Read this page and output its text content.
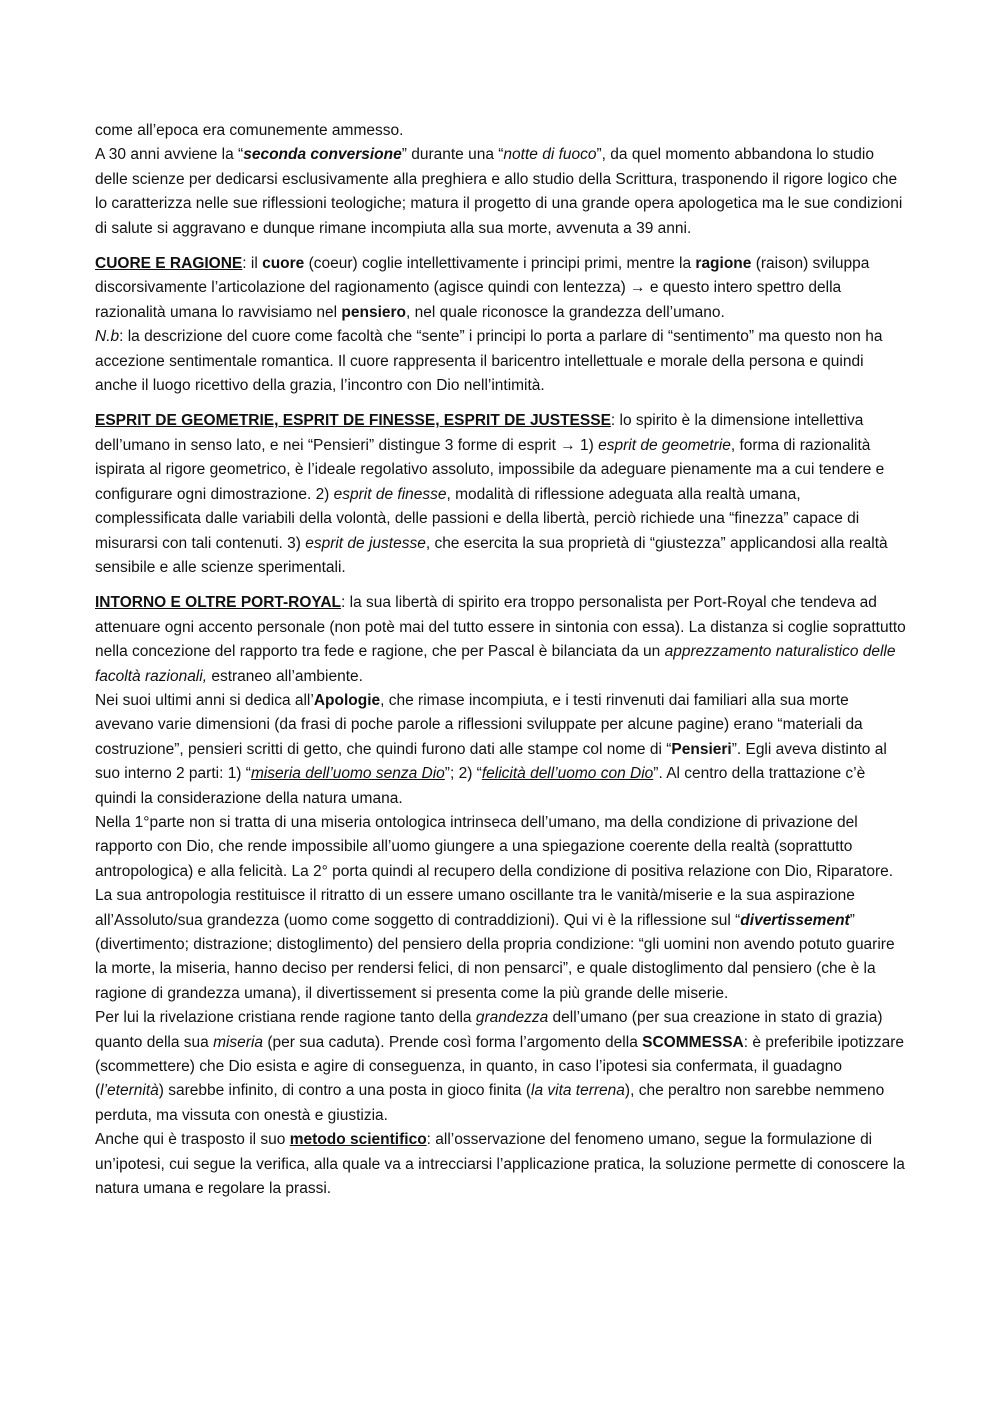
come all’epoca era comunemente ammesso.

A 30 anni avviene la “seconda conversione” durante una “notte di fuoco”, da quel momento abbandona lo studio delle scienze per dedicarsi esclusivamente alla preghiera e allo studio della Scrittura, trasponendo il rigore logico che lo caratterizza nelle sue riflessioni teologiche; matura il progetto di una grande opera apologetica ma le sue condizioni di salute si aggravano e dunque rimane incompiuta alla sua morte, avvenuta a 39 anni.

CUORE E RAGIONE: il cuore (coeur) coglie intellettivamente i principi primi, mentre la ragione (raison) sviluppa discorsivamente l’articolazione del ragionamento (agisce quindi con lentezza) → e questo intero spettro della razionalità umana lo ravvisiamo nel pensiero, nel quale riconosce la grandezza dell’umano.
N.b: la descrizione del cuore come facoltà che “sente” i principi lo porta a parlare di “sentimento” ma questo non ha accezione sentimentale romantica. Il cuore rappresenta il baricentro intellettuale e morale della persona e quindi anche il luogo ricettivo della grazia, l’incontro con Dio nell’intimità.

ESPRIT DE GEOMETRIE, ESPRIT DE FINESSE, ESPRIT DE JUSTESSE: lo spirito è la dimensione intellettiva dell’umano in senso lato, e nei “Pensieri” distingue 3 forme di esprit → 1) esprit de geometrie, forma di razionalità ispirata al rigore geometrico, è l’ideale regolativo assoluto, impossibile da adeguare pienamente ma a cui tendere e configurare ogni dimostrazione. 2) esprit de finesse, modalità di riflessione adeguata alla realtà umana, complessificata dalle variabili della volontà, delle passioni e della libertà, perciò richiede una “finezza” capace di misurarsi con tali contenuti. 3) esprit de justesse, che esercita la sua proprietà di “giustezza” applicandosi alla realtà sensibile e alle scienze sperimentali.

INTORNO E OLTRE PORT-ROYAL: la sua libertà di spirito era troppo personalista per Port-Royal che tendeva ad attenuare ogni accento personale (non potè mai del tutto essere in sintonia con essa). La distanza si coglie soprattutto nella concezione del rapporto tra fede e ragione, che per Pascal è bilanciata da un apprezzamento naturalistico delle facoltà razionali, estraneo all’ambiente.

Nei suoi ultimi anni si dedica all’Apologie, che rimase incompiuta, e i testi rinvenuti dai familiari alla sua morte avevano varie dimensioni (da frasi di poche parole a riflessioni sviluppate per alcune pagine) erano “materiali da costruzione”, pensieri scritti di getto, che quindi furono dati alle stampe col nome di “Pensieri”. Egli aveva distinto al suo interno 2 parti: 1) “miseria dell’uomo senza Dio”; 2) “felicità dell’uomo con Dio”. Al centro della trattazione c’è quindi la considerazione della natura umana.

Nella 1°parte non si tratta di una miseria ontologica intrinseca dell’umano, ma della condizione di privazione del rapporto con Dio, che rende impossibile all’uomo giungere a una spiegazione coerente della realtà (soprattutto antropologica) e alla felicità. La 2° porta quindi al recupero della condizione di positiva relazione con Dio, Riparatore.

La sua antropologia restituisce il ritratto di un essere umano oscillante tra le vanità/miserie e la sua aspirazione all’Assoluto/sua grandezza (uomo come soggetto di contraddizioni). Qui vi è la riflessione sul “divertissement” (divertimento; distrazione; distoglimento) del pensiero della propria condizione: “gli uomini non avendo potuto guarire la morte, la miseria, hanno deciso per rendersi felici, di non pensarci”, e quale distoglimento dal pensiero (che è la ragione di grandezza umana), il divertissement si presenta come la più grande delle miserie.

Per lui la rivelazione cristiana rende ragione tanto della grandezza dell’umano (per sua creazione in stato di grazia) quanto della sua miseria (per sua caduta). Prende così forma l’argomento della SCOMMESSA: è preferibile ipotizzare (scommettere) che Dio esista e agire di conseguenza, in quanto, in caso l’ipotesi sia confermata, il guadagno (l’eternità) sarebbe infinito, di contro a una posta in gioco finita (la vita terrena), che peraltro non sarebbe nemmeno perduta, ma vissuta con onestà e giustizia.

Anche qui è trasposto il suo metodo scientifico: all’osservazione del fenomeno umano, segue la formulazione di un’ipotesi, cui segue la verifica, alla quale va a intrecciarsi l’applicazione pratica, la soluzione permette di conoscere la natura umana e regolare la prassi.
